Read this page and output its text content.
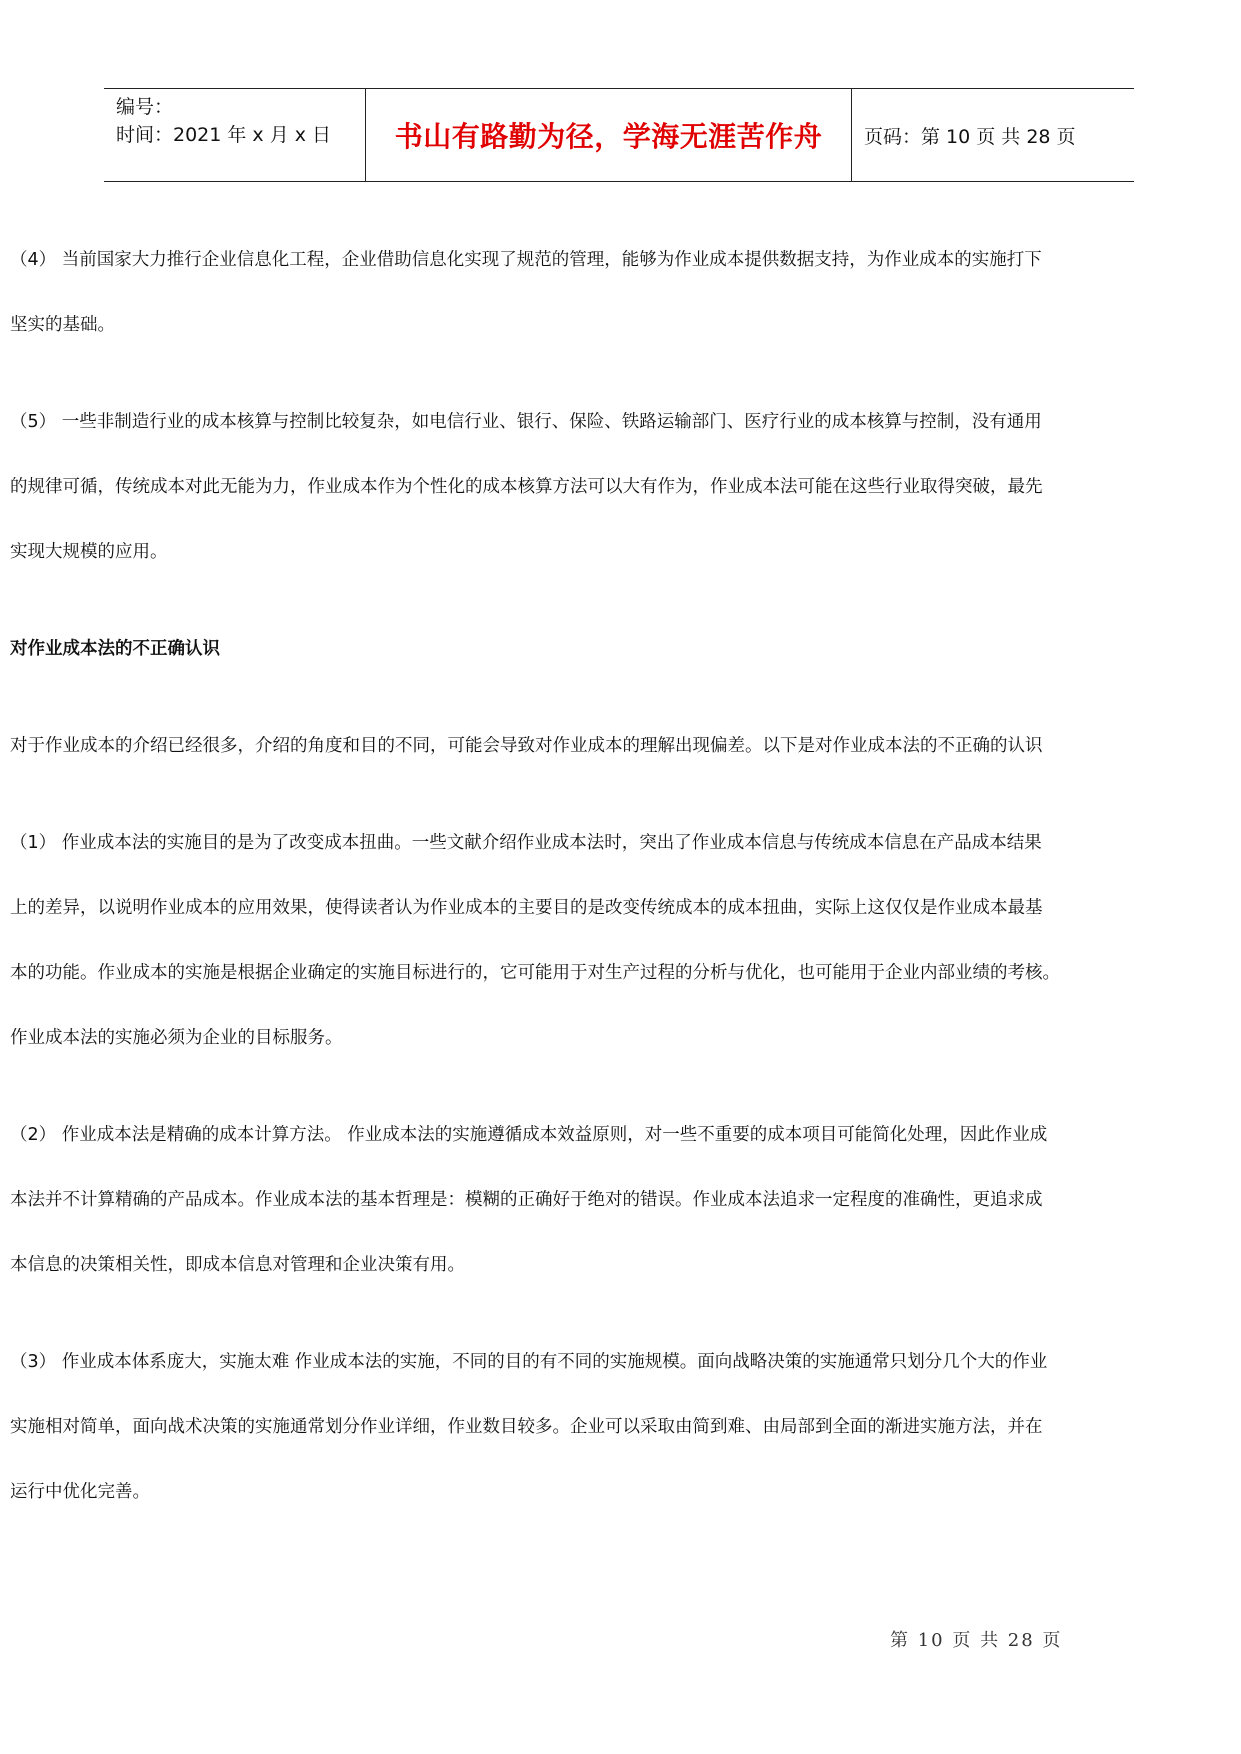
编号：
时间：2021 年 x 月 x 日	书山有路勤为径，学海无涯苦作舟	页码：第 10 页 共 28 页

（4） 当前国家大力推行企业信息化工程，企业借助信息化实现了规范的管理，能够为作业成本提供数据支持，为作业成本的实施打下

坚实的基础。

（5） 一些非制造行业的成本核算与控制比较复杂，如电信行业、银行、保险、铁路运输部门、医疗行业的成本核算与控制，没有通用

的规律可循，传统成本对此无能为力，作业成本作为个性化的成本核算方法可以大有作为，作业成本法可能在这些行业取得突破，最先

实现大规模的应用。

对作业成本法的不正确认识

对于作业成本的介绍已经很多，介绍的角度和目的不同，可能会导致对作业成本的理解出现偏差。以下是对作业成本法的不正确的认识

（1） 作业成本法的实施目的是为了改变成本扭曲。一些文献介绍作业成本法时，突出了作业成本信息与传统成本信息在产品成本结果

上的差异，以说明作业成本的应用效果，使得读者认为作业成本的主要目的是改变传统成本的成本扭曲，实际上这仅仅是作业成本最基

本的功能。作业成本的实施是根据企业确定的实施目标进行的，它可能用于对生产过程的分析与优化，也可能用于企业内部业绩的考核。

作业成本法的实施必须为企业的目标服务。

（2） 作业成本法是精确的成本计算方法。 作业成本法的实施遵循成本效益原则，对一些不重要的成本项目可能简化处理，因此作业成

本法并不计算精确的产品成本。作业成本法的基本哲理是：模糊的正确好于绝对的错误。作业成本法追求一定程度的准确性，更追求成

本信息的决策相关性，即成本信息对管理和企业决策有用。

（3） 作业成本体系庞大，实施太难 作业成本法的实施，不同的目的有不同的实施规模。面向战略决策的实施通常只划分几个大的作业

实施相对简单，面向战术决策的实施通常划分作业详细，作业数目较多。企业可以采取由简到难、由局部到全面的渐进实施方法，并在

运行中优化完善。

第 10 页 共 28 页
